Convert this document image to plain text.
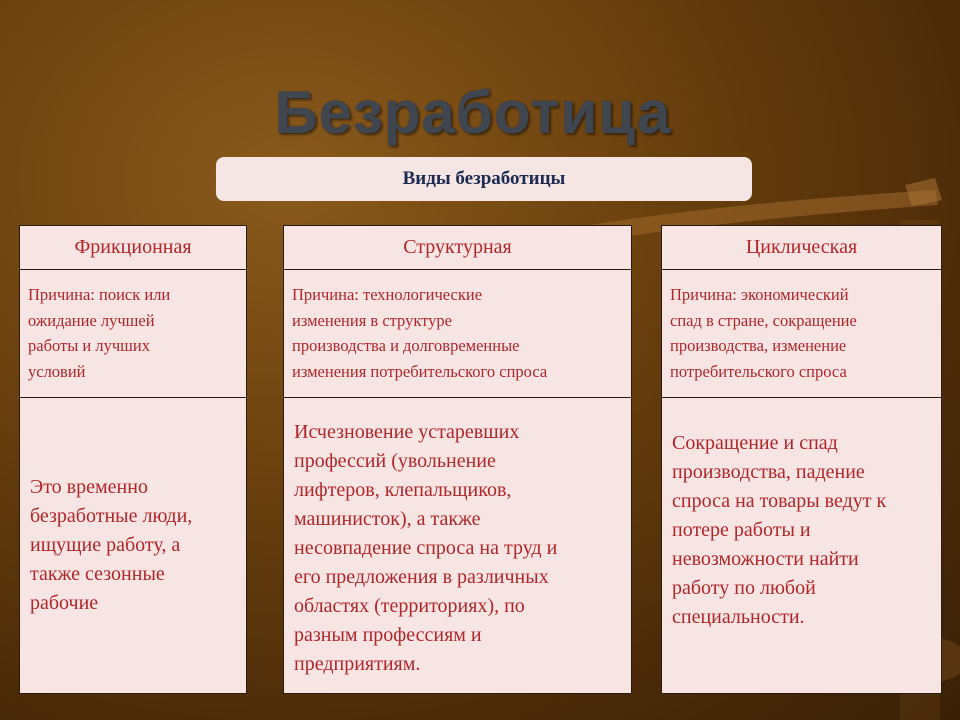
Безработица
Виды безработицы
Фрикционная
Причина: поиск или
ожидание лучшей
работы и лучших
условий
Это временно
безработные люди,
ищущие работу, а
также сезонные
рабочие
Структурная
Причина: технологические
изменения в структуре
производства и долговременные
изменения потребительского спроса
Исчезновение устаревших
профессий (увольнение
лифтеров, клепальщиков,
машинисток), а также
несовпадение спроса на труд и
его предложения в различных
областях (территориях), по
разным профессиям и
предприятиям.
Циклическая
Причина: экономический
спад в стране, сокращение
производства, изменение
потребительского спроса
Сокращение и спад
производства, падение
спроса на товары ведут к
потере работы и
невозможности найти
работу по любой
специальности.
